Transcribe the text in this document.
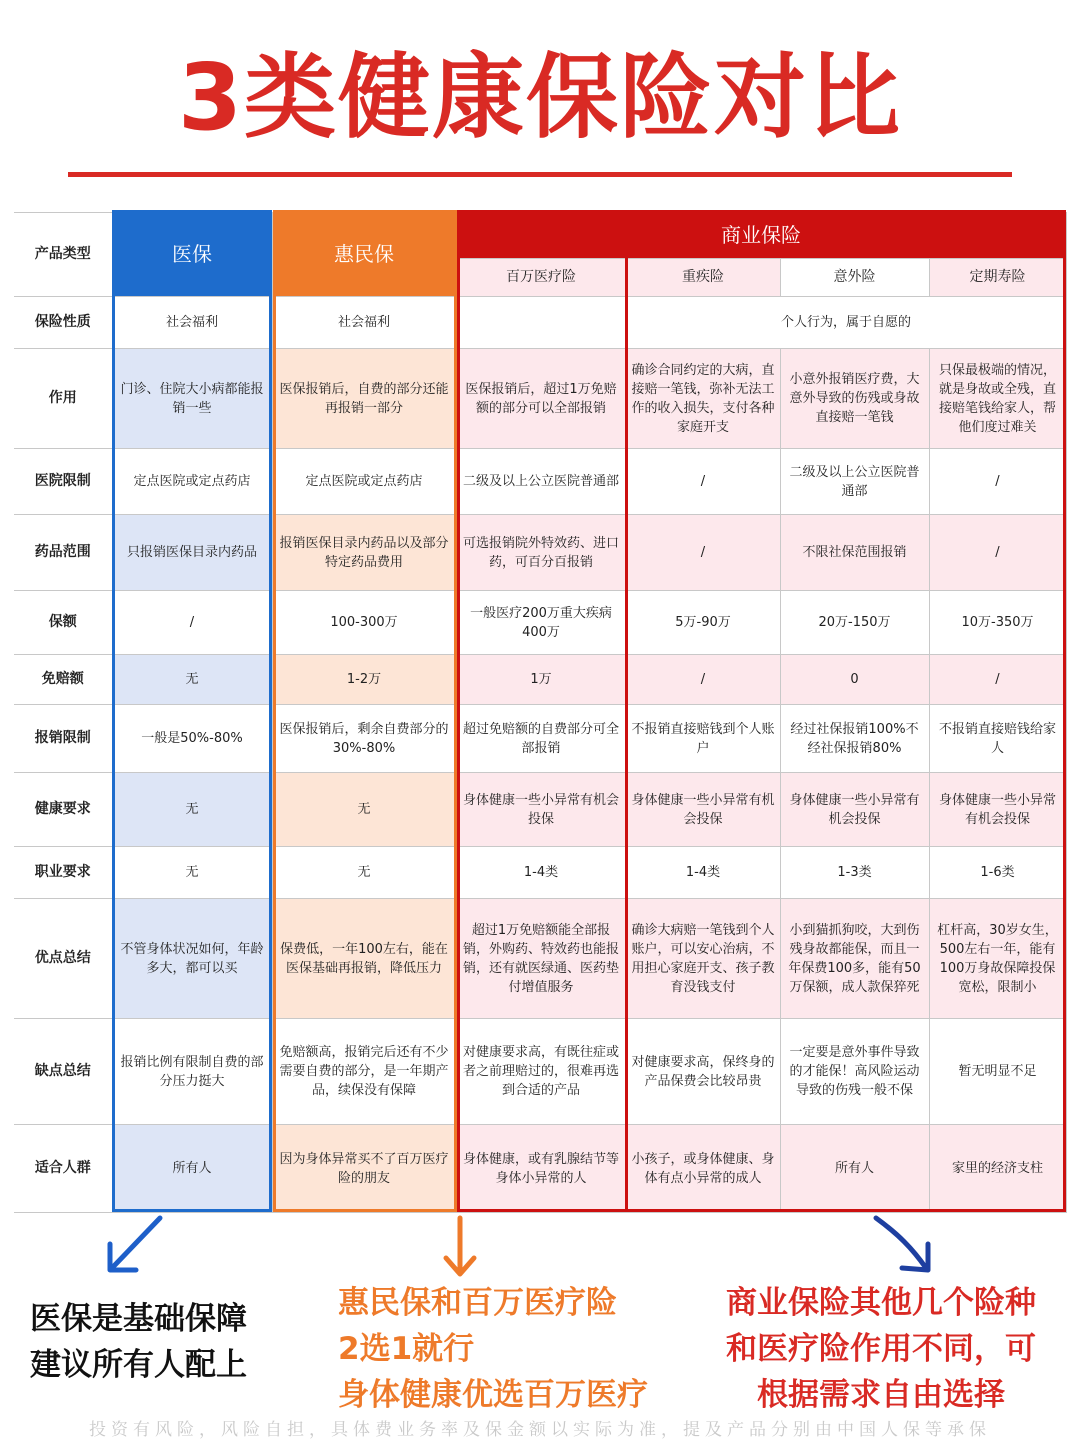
3类健康保险对比
产品类型	医保	惠民保	商业保险			
			百万医疗险	重疾险	意外险	定期寿险
保险性质	社会福利	社会福利		个人行为，属于自愿的		
作用	门诊、住院大小病都能报销一些	医保报销后，自费的部分还能再报销一部分	医保报销后，超过1万免赔额的部分可以全部报销	确诊合同约定的大病，直接赔一笔钱，弥补无法工作的收入损失，支付各种家庭开支	小意外报销医疗费，大意外导致的伤残或身故直接赔一笔钱	只保最极端的情况，就是身故或全残，直接赔笔钱给家人，帮他们度过难关
医院限制	定点医院或定点药店	定点医院或定点药店	二级及以上公立医院普通部	/	二级及以上公立医院普通部	/
药品范围	只报销医保目录内药品	报销医保目录内药品以及部分特定药品费用	可选报销院外特效药、进口药，可百分百报销	/	不限社保范围报销	/
保额	/	100-300万	一般医疗200万重大疾病400万	5万-90万	20万-150万	10万-350万
免赔额	无	1-2万	1万	/	0	/
报销限制	一般是50%-80%	医保报销后，剩余自费部分的30%-80%	超过免赔额的自费部分可全部报销	不报销直接赔钱到个人账户	经过社保报销100%不经社保报销80%	不报销直接赔钱给家人
健康要求	无	无	身体健康一些小异常有机会投保	身体健康一些小异常有机会投保	身体健康一些小异常有机会投保	身体健康一些小异常有机会投保
职业要求	无	无	1-4类	1-4类	1-3类	1-6类
优点总结	不管身体状况如何，年龄多大，都可以买	保费低，一年100左右，能在医保基础再报销，降低压力	超过1万免赔额能全部报销，外购药、特效药也能报销，还有就医绿通、医药垫付增值服务	确诊大病赔一笔钱到个人账户，可以安心治病，不用担心家庭开支、孩子教育没钱支付	小到猫抓狗咬，大到伤残身故都能保，而且一年保费100多，能有50万保额，成人款保猝死	杠杆高，30岁女生，500左右一年，能有100万身故保障投保宽松，限制小
缺点总结	报销比例有限制自费的部分压力挺大	免赔额高，报销完后还有不少需要自费的部分，是一年期产品，续保没有保障	对健康要求高，有既往症或者之前理赔过的，很难再选到合适的产品	对健康要求高，保终身的产品保费会比较昂贵	一定要是意外事件导致的才能保！高风险运动导致的伤残一般不保	暂无明显不足
适合人群	所有人	因为身体异常买不了百万医疗险的朋友	身体健康，或有乳腺结节等身体小异常的人	小孩子，或身体健康、身体有点小异常的成人	所有人	家里的经济支柱
医保是基础保障
建议所有人配上
惠民保和百万医疗险
2选1就行
身体健康优选百万医疗
商业保险其他几个险种
和医疗险作用不同，可
根据需求自由选择
投资有风险，风险自担，具体费业务率及保金额以实际为准，提及产品分别由中国人保等承保
